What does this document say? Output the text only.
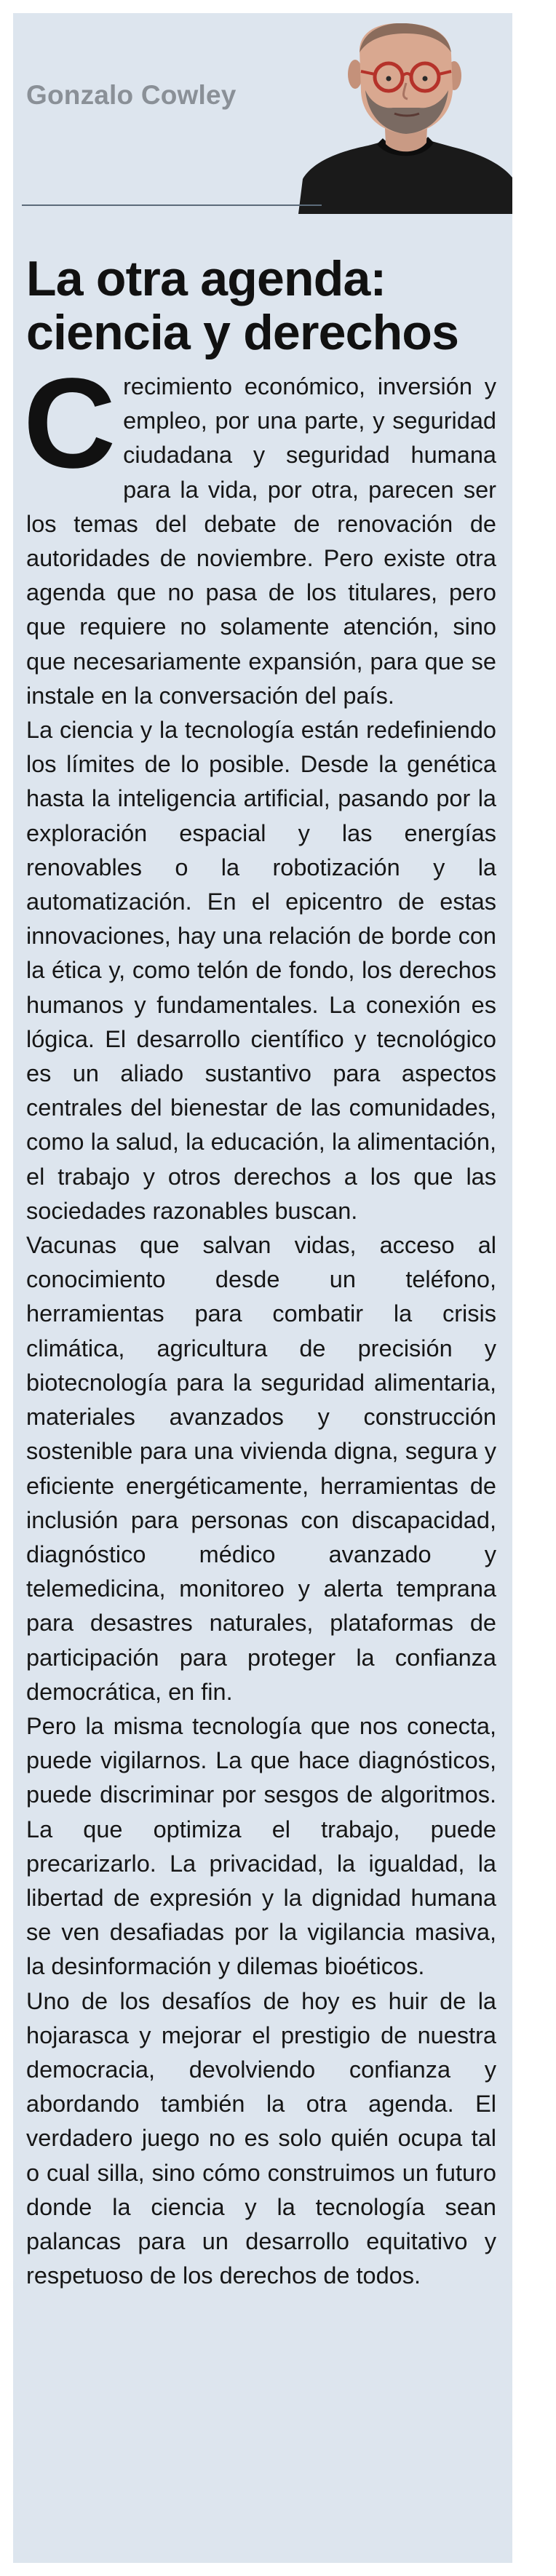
Gonzalo Cowley
La otra agenda: ciencia y derechos

Crecimiento económico, inversión y empleo, por una parte, y seguridad ciudadana y seguridad humana para la vida, por otra, parecen ser los temas del debate de renovación de autoridades de noviembre. Pero existe otra agenda que no pasa de los titulares, pero que requiere no solamente atención, sino que necesariamente expansión, para que se instale en la conversación del país.

La ciencia y la tecnología están redefiniendo los límites de lo posible. Desde la genética hasta la inteligencia artificial, pasando por la exploración espacial y las energías renovables o la robotización y la automatización. En el epicentro de estas innovaciones, hay una relación de borde con la ética y, como telón de fondo, los derechos humanos y fundamentales. La conexión es lógica. El desarrollo científico y tecnológico es un aliado sustantivo para aspectos centrales del bienestar de las comunidades, como la salud, la educación, la alimentación, el trabajo y otros derechos a los que las sociedades razonables buscan.

Vacunas que salvan vidas, acceso al conocimiento desde un teléfono, herramientas para combatir la crisis climática, agricultura de precisión y biotecnología para la seguridad alimentaria, materiales avanzados y construcción sostenible para una vivienda digna, segura y eficiente energéticamente, herramientas de inclusión para personas con discapacidad, diagnóstico médico avanzado y telemedicina, monitoreo y alerta temprana para desastres naturales, plataformas de participación para proteger la confianza democrática, en fin.

Pero la misma tecnología que nos conecta, puede vigilarnos. La que hace diagnósticos, puede discriminar por sesgos de algoritmos. La que optimiza el trabajo, puede precarizarlo. La privacidad, la igualdad, la libertad de expresión y la dignidad humana se ven desafiadas por la vigilancia masiva, la desinformación y dilemas bioéticos.

Uno de los desafíos de hoy es huir de la hojarasca y mejorar el prestigio de nuestra democracia, devolviendo confianza y abordando también la otra agenda. El verdadero juego no es solo quién ocupa tal o cual silla, sino cómo construimos un futuro donde la ciencia y la tecnología sean palancas para un desarrollo equitativo y respetuoso de los derechos de todos.
